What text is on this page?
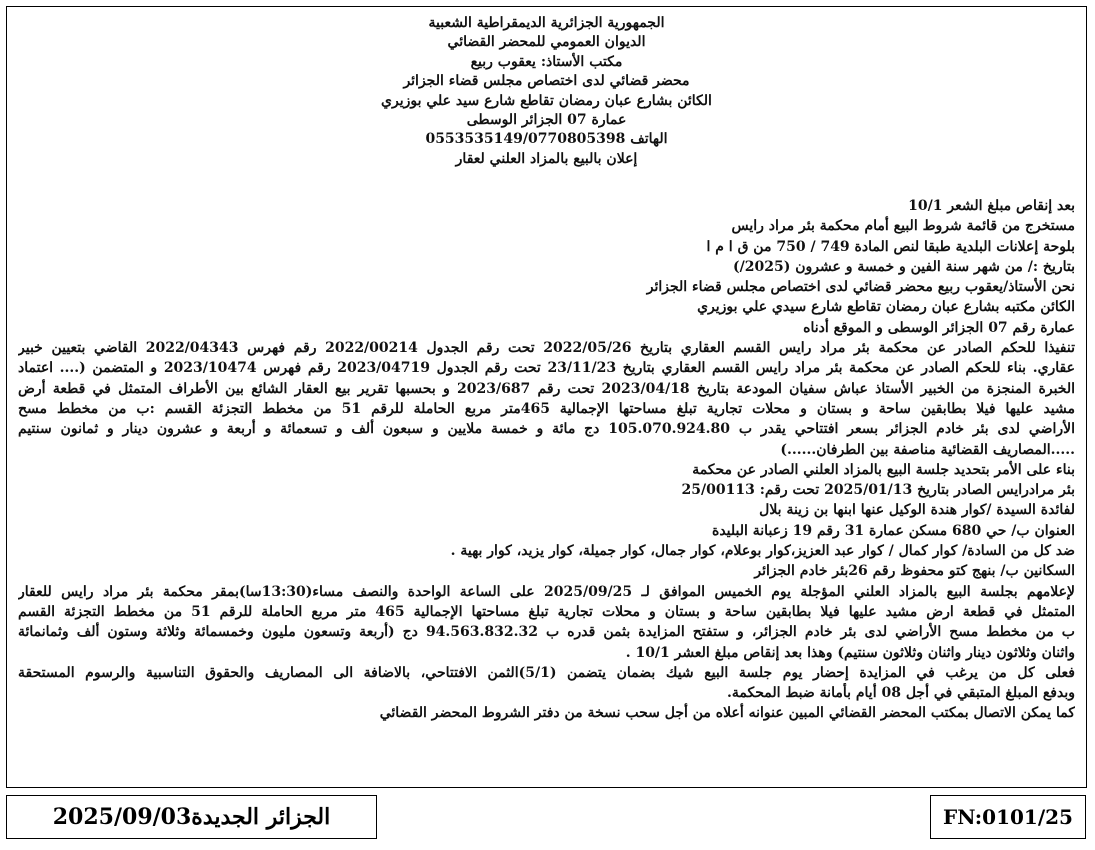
الجمهورية الجزائرية الديمقراطية الشعبية
الديوان العمومي للمحضر القضائي
مكتب الأستاذ: يعقوب ربيع
محضر قضائي لدى اختصاص مجلس قضاء الجزائر
الكائن بشارع عبان رمضان تقاطع شارع سيد علي بوزيري
عمارة 07 الجزائر الوسطى
الهاتف 0553535149/0770805398
إعلان بالبيع بالمزاد العلني لعقار
بعد إنقاص مبلغ الشعر 10/1
مستخرج من قائمة شروط البيع أمام محكمة بئر مراد رايس
بلوحة إعلانات البلدية طبقا لنص المادة 749 / 750 من ق ا م ا
بتاريخ :/ من شهر سنة الفين و خمسة و عشرون (2025/)
نحن الأستاذ/يعقوب ربيع محضر قضائي لدى اختصاص مجلس قضاء الجزائر
الكائن مكتبه بشارع عبان رمضان تقاطع شارع سيدي علي بوزيري
عمارة رقم 07 الجزائر الوسطى و الموقع أدناه
تنفيذا للحكم الصادر عن محكمة بئر مراد رايس القسم العقاري بتاريخ 2022/05/26 تحت رقم الجدول 2022/00214 رقم فهرس 2022/04343 القاضي بتعيين خبير
عقاري. بناء للحكم الصادر عن محكمة بئر مراد رايس القسم العقاري بتاريخ 23/11/23 تحت رقم الجدول 2023/04719 رقم فهرس 2023/10474 و المتضمن (.... اعتماد
الخبرة المنجزة من الخبير الأستاذ عباش سفيان المودعة بتاريخ 2023/04/18 تحت رقم 2023/687 و بحسبها تقرير بيع العقار الشائع بين الأطراف المتمثل في قطعة أرض
مشيد عليها فيلا بطابقين ساحة و بستان و محلات تجارية تبلغ مساحتها الإجمالية 465متر مربع الحاملة للرقم 51 من مخطط التجزئة القسم :ب من مخطط مسح
الأراضي لدى بئر خادم الجزائر بسعر افتتاحي يقدر ب 105.070.924.80 دج مائة و خمسة ملايين و سبعون ألف و تسعمائة و أربعة و عشرون دينار و ثمانون سنتيم
.....المصاريف القضائية مناصفة بين الطرفان......)
بناء على الأمر بتحديد جلسة البيع بالمزاد العلني الصادر عن محكمة
بئر مرادرايس الصادر بتاريخ 2025/01/13 تحت رقم: 25/00113
لفائدة السيدة /كوار هندة الوكيل عنها ابنها بن زينة بلال
العنوان ب/ حي 680 مسكن عمارة 31 رقم 19 زعبانة البليدة
ضد كل من السادة/ كوار كمال / كوار عبد العزيز،كوار بوعلام، كوار جمال، كوار جميلة، كوار يزيد، كوار بهية .
السكانين ب/ بنهج كتو محفوظ رقم 26بئر خادم الجزائر
لإعلامهم بجلسة البيع بالمزاد العلني المؤجلة يوم الخميس الموافق لـ 2025/09/25 على الساعة الواحدة والنصف مساء(13:30سا)بمقر محكمة بئر مراد رايس للعقار
المتمثل في قطعة ارض مشيد عليها فيلا بطابقين ساحة و بستان و محلات تجارية تبلغ مساحتها الإجمالية 465 متر مربع الحاملة للرقم 51 من مخطط التجزئة القسم
ب من مخطط مسح الأراضي لدى بئر خادم الجزائر، و ستفتح المزايدة بثمن قدره ب 94.563.832.32 دج (أربعة وتسعون مليون وخمسمائة وثلاثة وستون ألف وثمانمائة
واثنان وثلاثون دينار واثنان وثلاثون سنتيم) وهذا بعد إنقاص مبلغ العشر 10/1 .
فعلى كل من يرغب في المزايدة إحضار يوم جلسة البيع شيك بضمان يتضمن (5/1)الثمن الافتتاحي، بالاضافة الى المصاريف والحقوق التناسبية والرسوم المستحقة
وبدفع المبلغ المتبقي في أجل 08 أيام بأمانة ضبط المحكمة.
كما يمكن الاتصال بمكتب المحضر القضائي المبين عنوانه أعلاه من أجل سحب نسخة من دفتر الشروط المحضر القضائي
الجزائر الجديدة2025/09/03	FN:0101/25
